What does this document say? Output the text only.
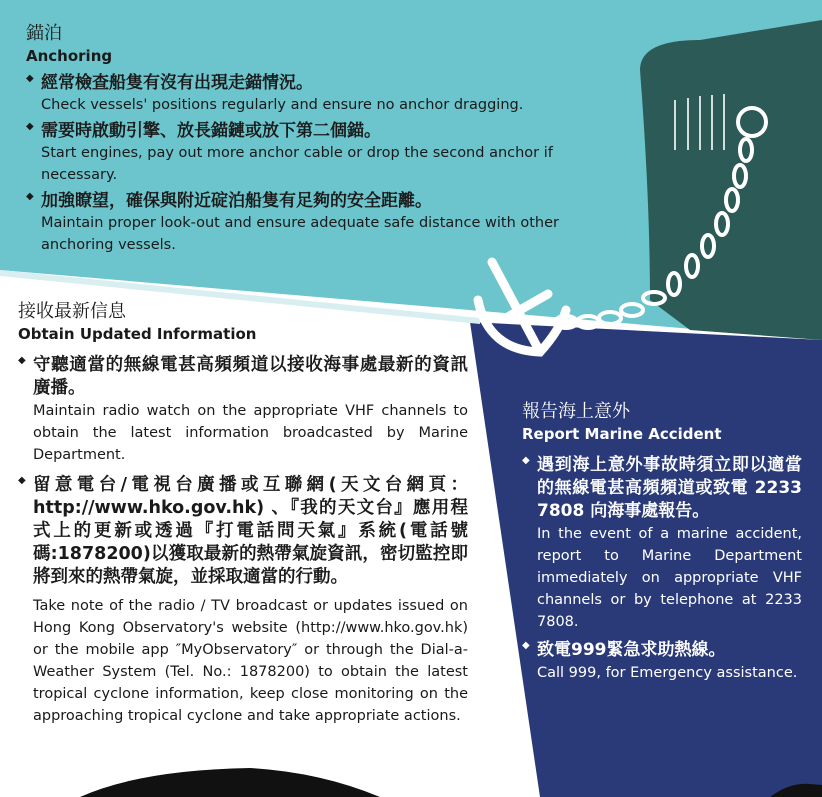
錨泊
Anchoring
◆ 經常檢查船隻有沒有出現走錨情況。
Check vessels' positions regularly and ensure no anchor dragging.
◆ 需要時啟動引擎、放長錨鏈或放下第二個錨。
Start engines, pay out more anchor cable or drop the second anchor if necessary.
◆ 加強瞭望，確保與附近碇泊船隻有足夠的安全距離。
Maintain proper look-out and ensure adequate safe distance with other anchoring vessels.
接收最新信息
Obtain Updated Information
◆ 守聽適當的無線電甚高頻頻道以接收海事處最新的資訊廣播。
Maintain radio watch on the appropriate VHF channels to obtain the latest information broadcasted by Marine Department.
◆ 留意電台/電視台廣播或互聯網(天文台網頁：http://www.hko.gov.hk) 、『我的天文台』應用程式上的更新或透過『打電話問天氣』系統(電話號碼:1878200)以獲取最新的熱帶氣旋資訊，密切監控即將到來的熱帶氣旋，並採取適當的行動。
Take note of the radio / TV broadcast or updates issued on Hong Kong Observatory's website (http://www.hko.gov.hk) or the mobile app ″MyObservatory″ or through the Dial-a-Weather System (Tel. No.: 1878200) to obtain the latest tropical cyclone information, keep close monitoring on the approaching tropical cyclone and take appropriate actions.
報告海上意外
Report Marine Accident
◆ 遇到海上意外事故時須立即以適當的無線電甚高頻頻道或致電 2233 7808 向海事處報告。
In the event of a marine accident, report to Marine Department immediately on appropriate VHF channels or by telephone at 2233 7808.
◆ 致電999緊急求助熱線。
Call 999, for Emergency assistance.
